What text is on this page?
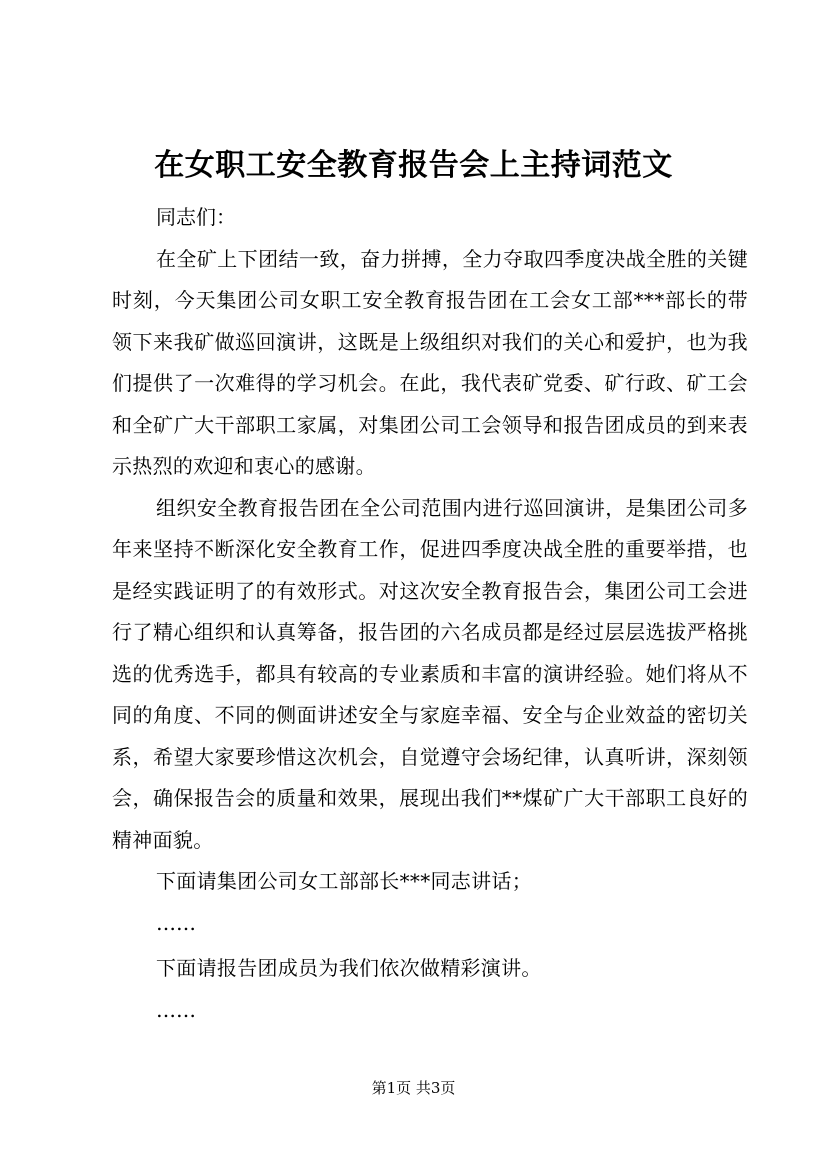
在女职工安全教育报告会上主持词范文

同志们：

在全矿上下团结一致，奋力拼搏，全力夺取四季度决战全胜的关键时刻，今天集团公司女职工安全教育报告团在工会女工部***部长的带领下来我矿做巡回演讲，这既是上级组织对我们的关心和爱护，也为我们提供了一次难得的学习机会。在此，我代表矿党委、矿行政、矿工会和全矿广大干部职工家属，对集团公司工会领导和报告团成员的到来表示热烈的欢迎和衷心的感谢。

组织安全教育报告团在全公司范围内进行巡回演讲，是集团公司多年来坚持不断深化安全教育工作，促进四季度决战全胜的重要举措，也是经实践证明了的有效形式。对这次安全教育报告会，集团公司工会进行了精心组织和认真筹备，报告团的六名成员都是经过层层选拔严格挑选的优秀选手，都具有较高的专业素质和丰富的演讲经验。她们将从不同的角度、不同的侧面讲述安全与家庭幸福、安全与企业效益的密切关系，希望大家要珍惜这次机会，自觉遵守会场纪律，认真听讲，深刻领会，确保报告会的质量和效果，展现出我们**煤矿广大干部职工良好的精神面貌。

下面请集团公司女工部部长***同志讲话；

……

下面请报告团成员为我们依次做精彩演讲。

……

第1页 共3页
